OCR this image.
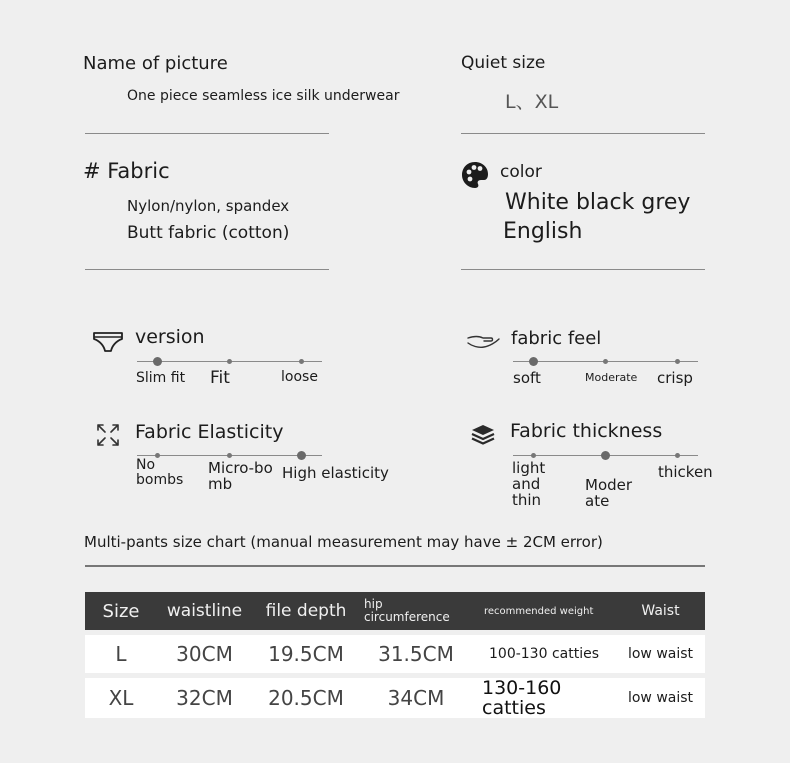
Name of picture
One piece seamless ice silk underwear
Quiet size
L、XL
# Fabric
Nylon/nylon, spandex
Butt fabric (cotton)
color
White black grey
English
version
Slim fit Fit	loose
fabric feel
soft	Moderate crisp
Fabric Elasticity
No bombs
Micro-bomb
High elasticity
Fabric thickness
light and thin
Moderate
thicken
Multi-pants size chart (manual measurement may have ± 2CM error)
Size	waistline	file depth	hip circumference	recommended weight	Waist
L	30CM	19.5CM	31.5CM	100-130 catties	low waist
XL	32CM	20.5CM	34CM	130-160 catties	low waist
